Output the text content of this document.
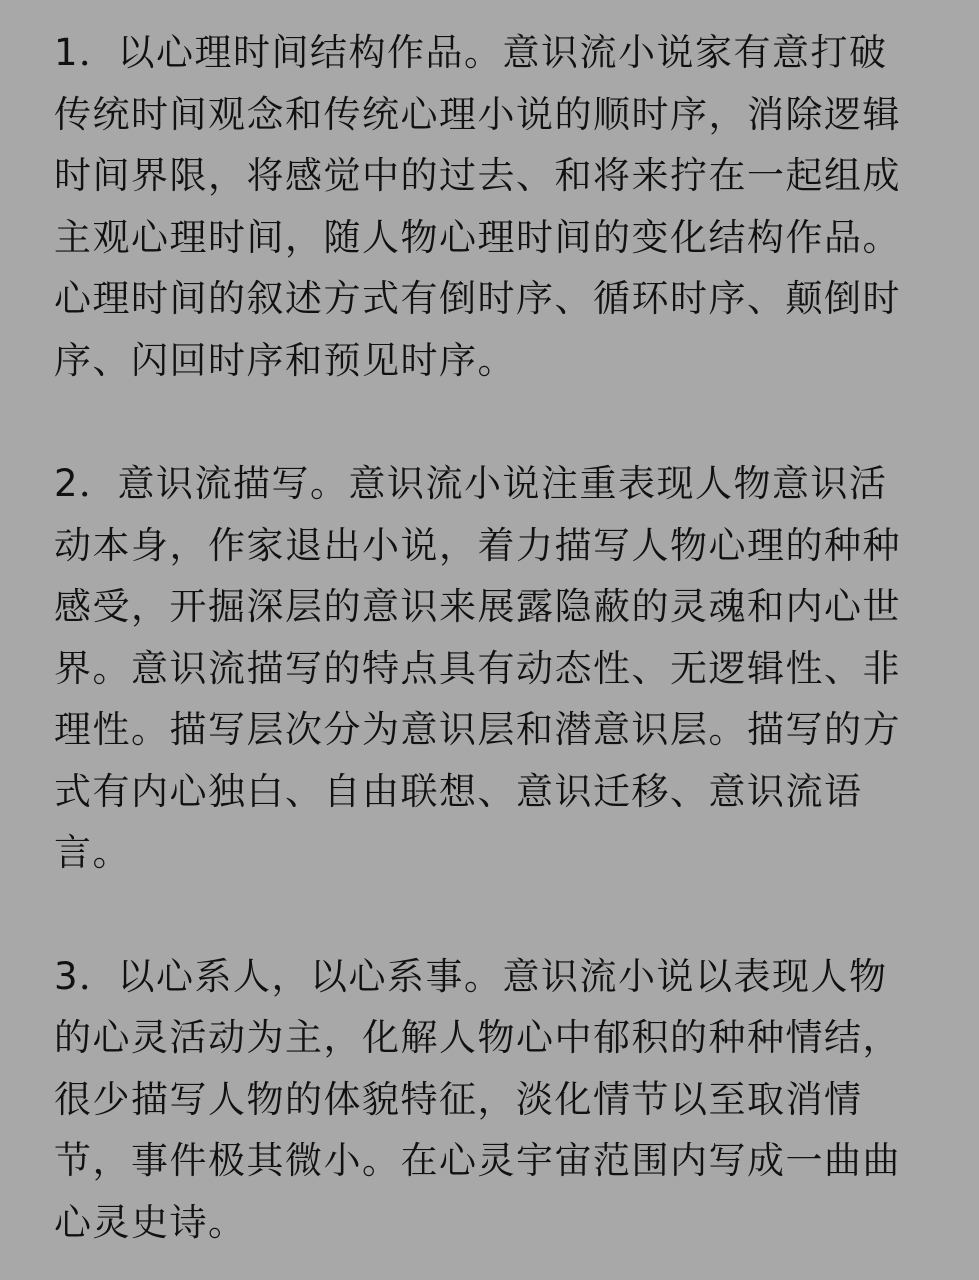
1．以心理时间结构作品。意识流小说家有意打破传统时间观念和传统心理小说的顺时序，消除逻辑时间界限，将感觉中的过去、和将来拧在一起组成主观心理时间，随人物心理时间的变化结构作品。心理时间的叙述方式有倒时序、循环时序、颠倒时序、闪回时序和预见时序。

2．意识流描写。意识流小说注重表现人物意识活动本身，作家退出小说，着力描写人物心理的种种感受，开掘深层的意识来展露隐蔽的灵魂和内心世界。意识流描写的特点具有动态性、无逻辑性、非理性。描写层次分为意识层和潜意识层。描写的方式有内心独白、自由联想、意识迁移、意识流语言。

3．以心系人，以心系事。意识流小说以表现人物的心灵活动为主，化解人物心中郁积的种种情结，很少描写人物的体貌特征，淡化情节以至取消情节，事件极其微小。在心灵宇宙范围内写成一曲曲心灵史诗。
